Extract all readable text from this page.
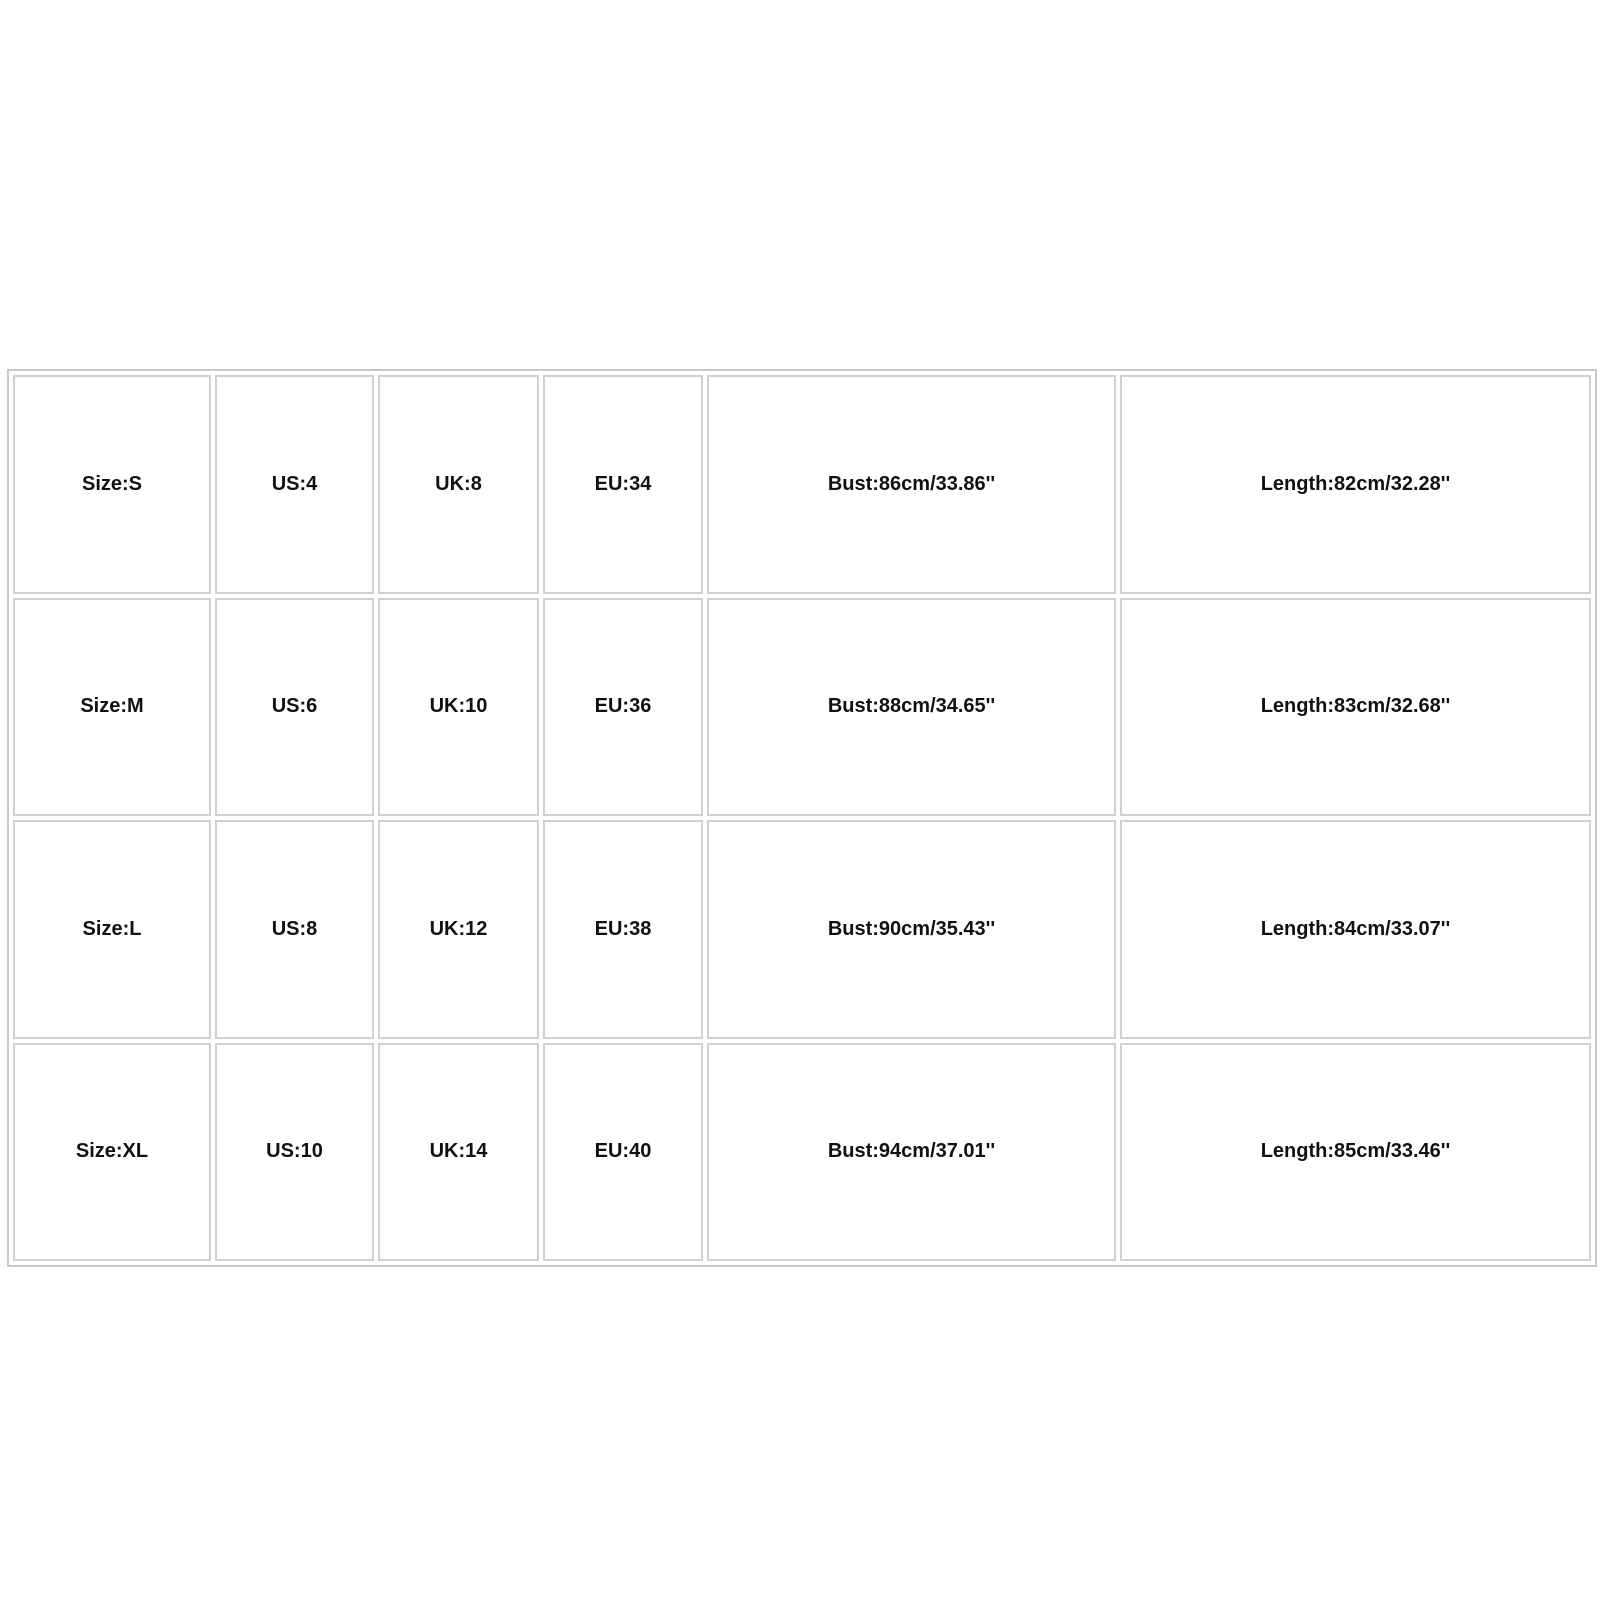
Size:S	US:4	UK:8	EU:34	Bust:86cm/33.86''	Length:82cm/32.28''
Size:M	US:6	UK:10	EU:36	Bust:88cm/34.65''	Length:83cm/32.68''
Size:L	US:8	UK:12	EU:38	Bust:90cm/35.43''	Length:84cm/33.07''
Size:XL	US:10	UK:14	EU:40	Bust:94cm/37.01''	Length:85cm/33.46''
